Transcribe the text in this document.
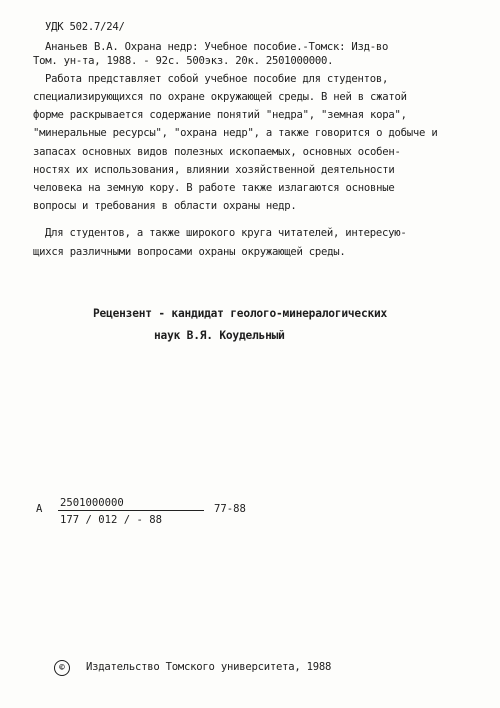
УДК 502.7/24/
Ананьев В.А. Охрана недр: Учебное пособие.-Томск: Изд-во
Том. ун-та, 1988. - 92с. 500экз. 20к. 2501000000.
Работа представляет собой учебное пособие для студентов,
специализирующихся по охране окружающей среды. В ней в сжатой
форме раскрывается содержание понятий "недра", "земная кора",
"минеральные ресурсы", "охрана недр", а также говорится о добыче и
запасах основных видов полезных ископаемых, основных особен-
ностях их использования, влиянии хозяйственной деятельности
человека на земную кору. В работе также излагаются основные
вопросы и требования в области охраны недр.
Для студентов, а также широкого круга читателей, интересую-
щихся различными вопросами охраны окружающей среды.
Рецензент - кандидат геолого-минералогических
наук В.Я. Коудельный
А 2501000000	77-88
177 / 012 / - 88
©	Издательство Томского университета, 1988
